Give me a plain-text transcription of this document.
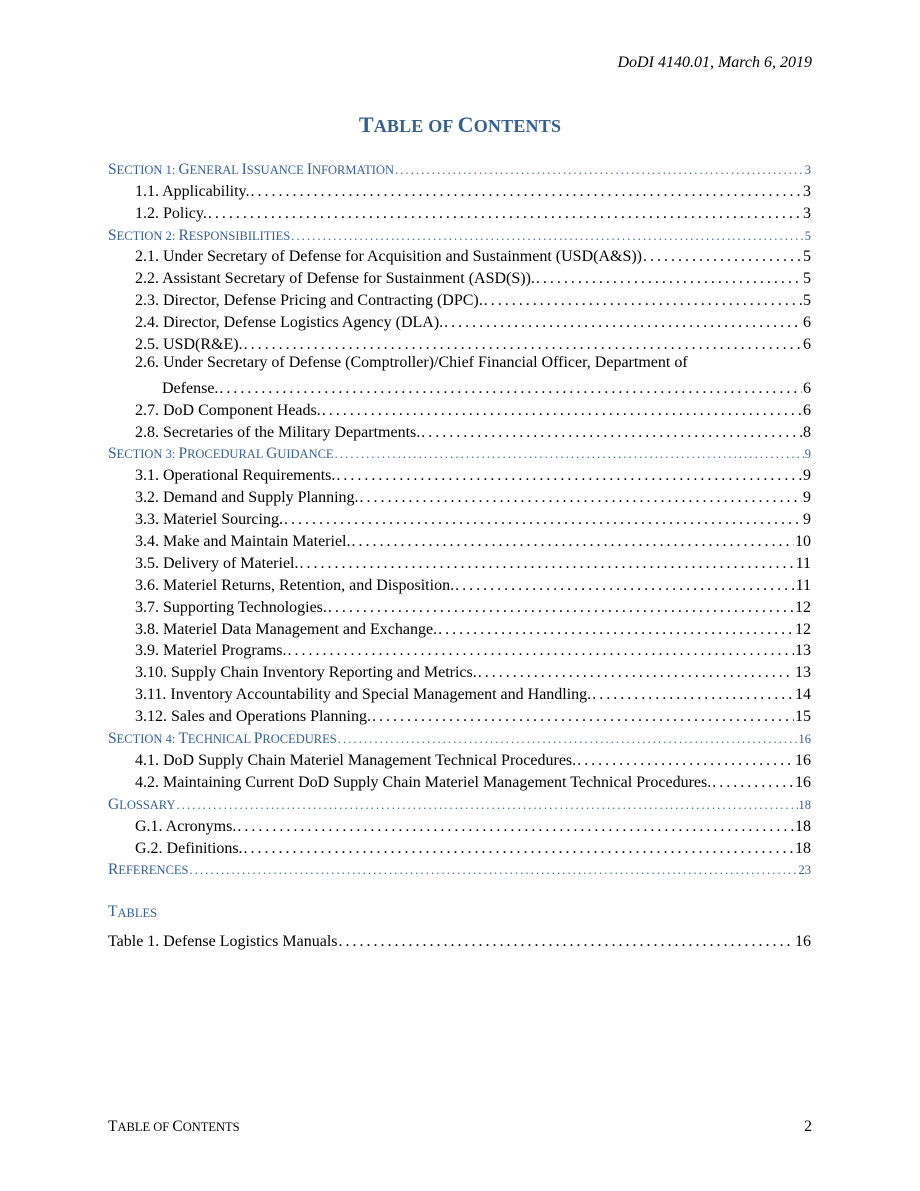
DoDI 4140.01, March 6, 2019
TABLE OF CONTENTS
SECTION 1: GENERAL ISSUANCE INFORMATION . . .	3
1.1. Applicability. . . .	3
1.2. Policy. . . .	3
SECTION 2: RESPONSIBILITIES . . .	5
2.1. Under Secretary of Defense for Acquisition and Sustainment (USD(A&S)) . . .	5
2.2. Assistant Secretary of Defense for Sustainment (ASD(S)). . . .	5
2.3. Director, Defense Pricing and Contracting (DPC). . . .	5
2.4. Director, Defense Logistics Agency (DLA). . . .	6
2.5. USD(R&E). . . .	6
2.6. Under Secretary of Defense (Comptroller)/Chief Financial Officer, Department of
Defense. . . .	6
2.7. DoD Component Heads. . . .	6
2.8. Secretaries of the Military Departments. . . .	8
SECTION 3: PROCEDURAL GUIDANCE . . .	9
3.1. Operational Requirements. . . .	9
3.2. Demand and Supply Planning. . . .	9
3.3. Materiel Sourcing. . . .	9
3.4. Make and Maintain Materiel. . . .	10
3.5. Delivery of Materiel. . . .	11
3.6. Materiel Returns, Retention, and Disposition. . . .	11
3.7. Supporting Technologies. . . .	12
3.8. Materiel Data Management and Exchange. . . .	12
3.9. Materiel Programs. . . .	13
3.10. Supply Chain Inventory Reporting and Metrics. . . .	13
3.11. Inventory Accountability and Special Management and Handling. . . .	14
3.12. Sales and Operations Planning. . . .	15
SECTION 4: TECHNICAL PROCEDURES . . .	16
4.1. DoD Supply Chain Materiel Management Technical Procedures. . . .	16
4.2. Maintaining Current DoD Supply Chain Materiel Management Technical Procedures. . . .	16
GLOSSARY . . .	18
G.1. Acronyms. . . .	18
G.2. Definitions. . . .	18
REFERENCES . . .	23
T ABLES
Table 1. Defense Logistics Manuals . . .	16
TABLE OF CONTENTS	2
